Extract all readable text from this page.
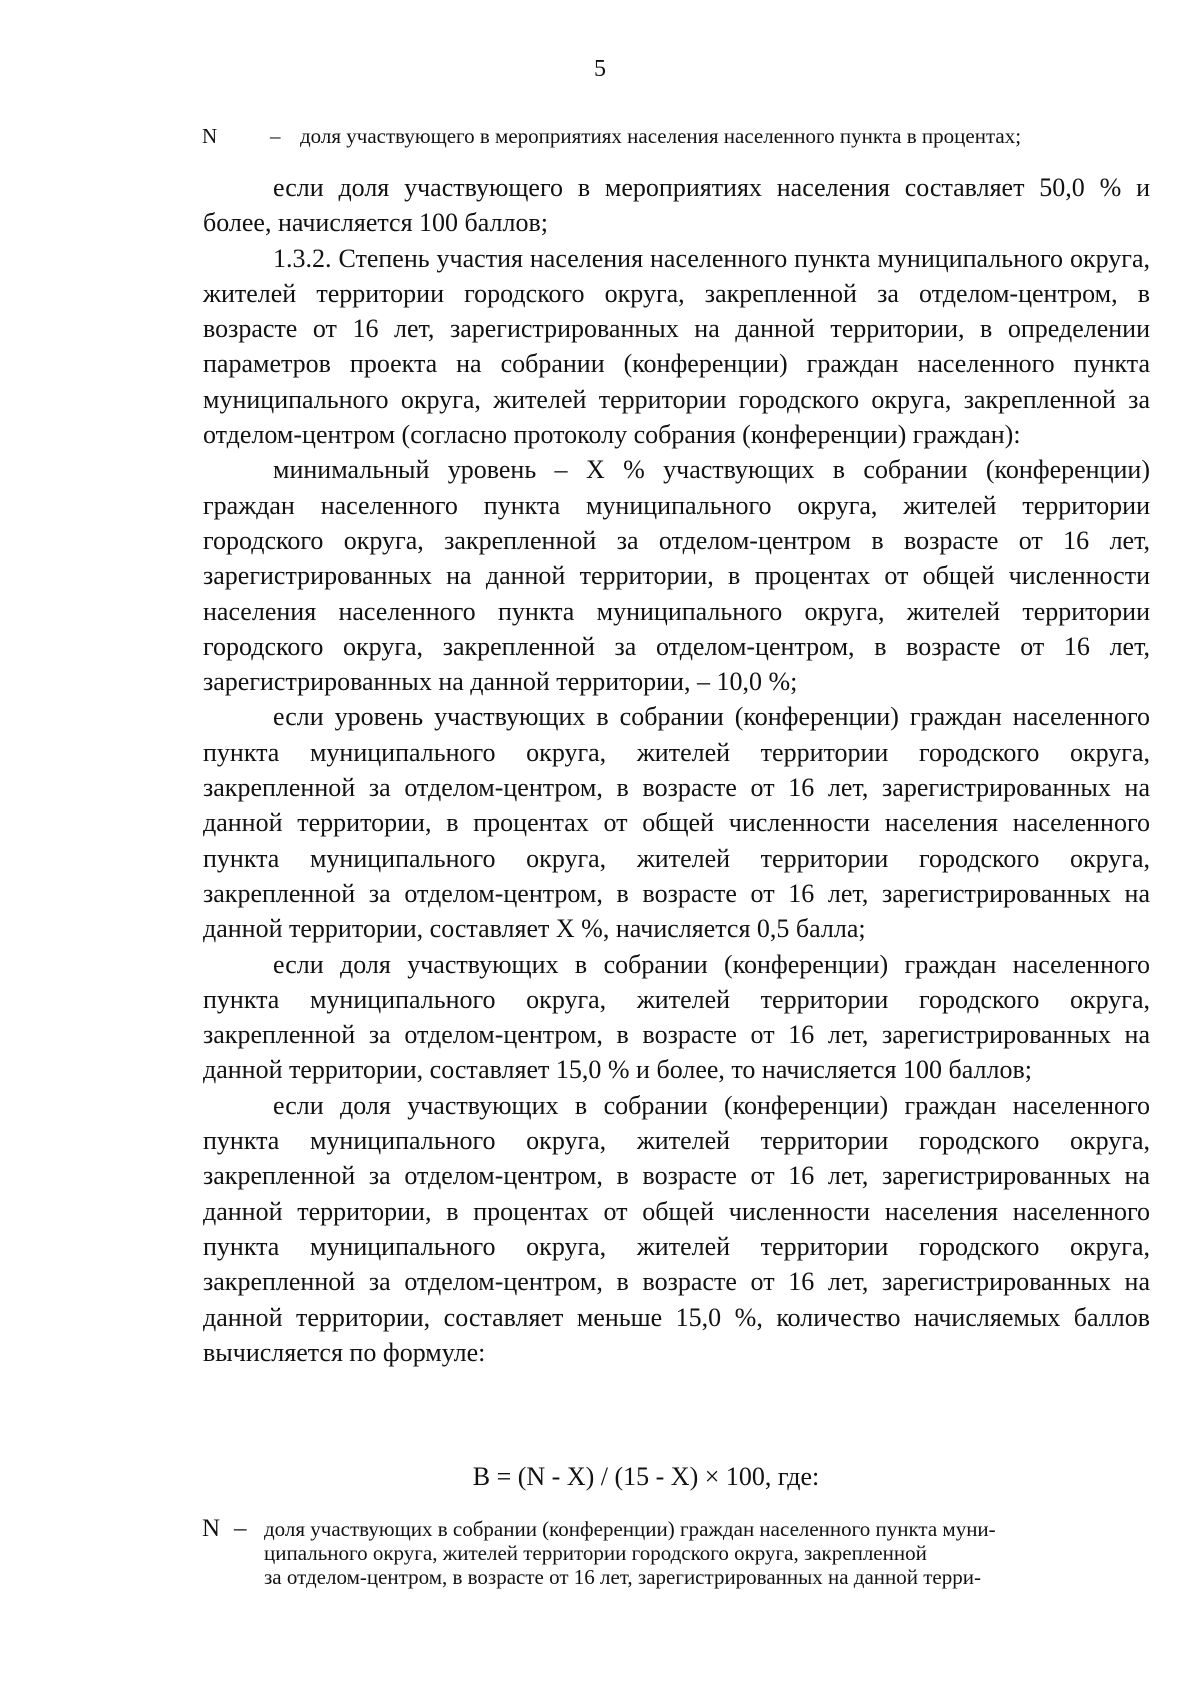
5
N	– доля участвующего в мероприятиях населения населенного пункта в процентах;

если доля участвующего в мероприятиях населения составляет 50,0 % и более, начисляется 100 баллов;

1.3.2. Степень участия населения населенного пункта муниципального округа, жителей территории городского округа, закрепленной за отделом-центром, в возрасте от 16 лет, зарегистрированных на данной территории, в определении параметров проекта на собрании (конференции) граждан населенного пункта муниципального округа, жителей территории городского округа, закрепленной за отделом-центром (согласно протоколу собрания (конференции) граждан):

минимальный уровень – X % участвующих в собрании (конференции) граждан населенного пункта муниципального округа, жителей территории городского округа, закрепленной за отделом-центром в возрасте от 16 лет, зарегистрированных на данной территории, в процентах от общей численности населения населенного пункта муниципального округа, жителей территории городского округа, закрепленной за отделом-центром, в возрасте от 16 лет, зарегистрированных на данной территории, – 10,0 %;

если уровень участвующих в собрании (конференции) граждан населенного пункта муниципального округа, жителей территории городского округа, закрепленной за отделом-центром, в возрасте от 16 лет, зарегистрированных на данной территории, в процентах от общей численности населения населенного пункта муниципального округа, жителей территории городского округа, закрепленной за отделом-центром, в возрасте от 16 лет, зарегистрированных на данной территории, составляет X %, начисляется 0,5 балла;

если доля участвующих в собрании (конференции) граждан населенного пункта муниципального округа, жителей территории городского округа, закрепленной за отделом-центром, в возрасте от 16 лет, зарегистрированных на данной территории, составляет 15,0 % и более, то начисляется 100 баллов;

если доля участвующих в собрании (конференции) граждан населенного пункта муниципального округа, жителей территории городского округа, закрепленной за отделом-центром, в возрасте от 16 лет, зарегистрированных на данной территории, в процентах от общей численности населения населенного пункта муниципального округа, жителей территории городского округа, закрепленной за отделом-центром, в возрасте от 16 лет, зарегистрированных на данной территории, составляет меньше 15,0 %, количество начисляемых баллов вычисляется по формуле:

B = (N - X) / (15 - X) × 100, где:
N – доля участвующих в собрании (конференции) граждан населенного пункта муни-
ципального округа, жителей территории городского округа, закрепленной
за отделом-центром, в возрасте от 16 лет, зарегистрированных на данной терри-
